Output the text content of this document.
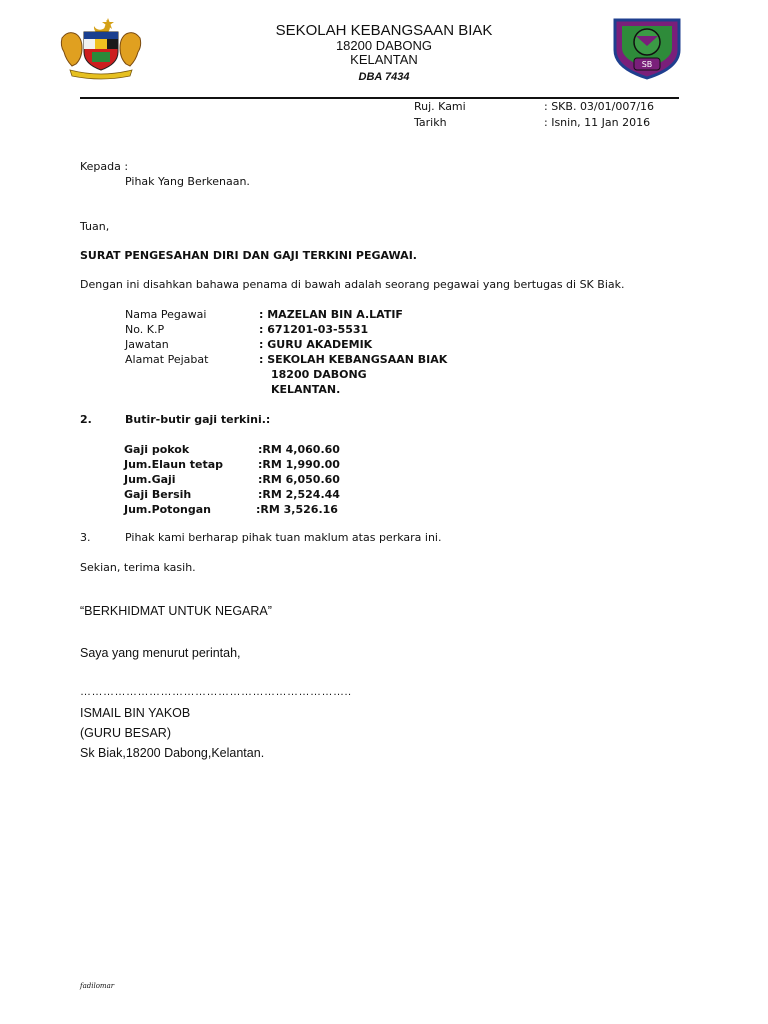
SB
SEKOLAH KEBANGSAAN BIAK
18200 DABONG
KELANTAN
DBA 7434
Ruj. Kami	: SKB. 03/01/007/16
Tarikh	: Isnin, 11 Jan 2016
Kepada :
Pihak Yang Berkenaan.
Tuan,
SURAT PENGESAHAN DIRI DAN GAJI TERKINI PEGAWAI.
Dengan ini disahkan bahawa penama di bawah adalah seorang pegawai yang bertugas di SK Biak.
Nama Pegawai	: MAZELAN BIN A.LATIF
No. K.P	: 671201-03-5531
Jawatan	: GURU AKADEMIK
Alamat Pejabat	: SEKOLAH KEBANGSAAN BIAK
18200 DABONG
KELANTAN.
2.	Butir-butir gaji terkini.:
Gaji pokok	:RM 4,060.60
Jum.Elaun tetap	:RM 1,990.00
Jum.Gaji	:RM 6,050.60
Gaji Bersih	:RM 2,524.44
Jum.Potongan	:RM 3,526.16
3.	Pihak kami berharap pihak tuan maklum atas perkara ini.
Sekian, terima kasih.
“BERKHIDMAT UNTUK NEGARA”
Saya yang menurut perintah,
……………………………………………………………..
ISMAIL BIN YAKOB
(GURU BESAR)
Sk Biak,18200 Dabong,Kelantan.
fadilomar
